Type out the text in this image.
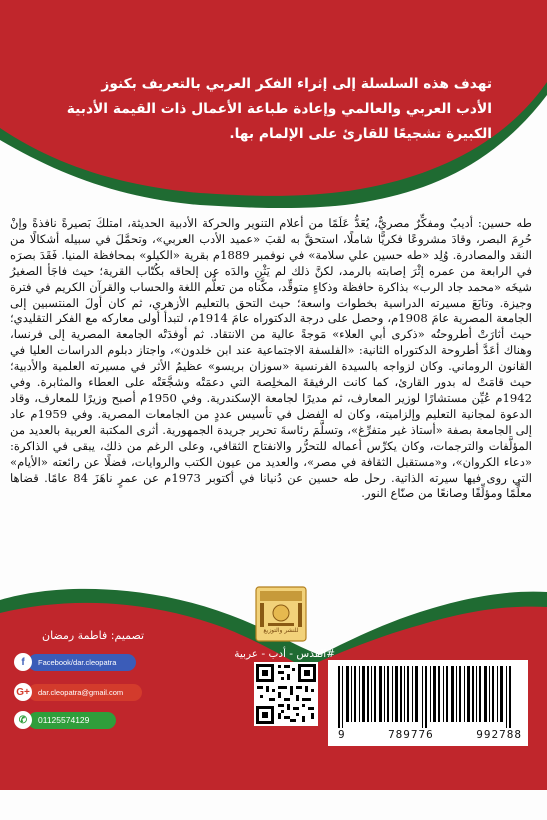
تهدف هذه السلسلة إلى إثراء الفكر العربي بالتعريف بكنوز الأدب العربي والعالمي وإعادة طباعة الأعمال ذات القيمة الأدبية الكبيرة تشجيعًا للقارئ على الإلمام بها.
طه حسين: أديبٌ ومفكِّرٌ مصريٌّ، يُعَدُّ عَلَمًا من أعلام التنوير والحركة الأدبية الحديثة، امتلكَ بَصيرةً نافذةً وإنْ حُرِمَ البصر، وقادَ مشروعًا فكريًّا شاملًا، استحقَّ به لقبَ «عميد الأدب العربي»، وتحمَّلَ في سبيله أشكالًا من النقد والمصادرة. وُلِد «طه حسين علي سلامة» في نوفمبر 1889م بقرية «الكيلو» بمحافظة المنيا. فَقَدَ بصرَه في الرابعة من عمره إثْرَ إصابته بالرمد، لكنَّ ذلك لم يَثْنِ والدَه عن إلحاقه بكُتّاب القرية؛ حيث فاجَأ الصغيرُ شيخَه «محمد جاد الرب» بذاكرة حافظة وذكاءٍ متوقِّد، مكَّناه من تعلُّم اللغة والحساب والقرآن الكريم في فترة وجيزة. وتابَعَ مسيرته الدراسية بخطوات واسعة؛ حيث التحق بالتعليم الأزهري، ثم كان أولَ المنتسبين إلى الجامعة المصرية عامَ 1908م، وحصل على درجة الدكتوراه عامَ 1914م، لتبدأ أولى معاركه مع الفكر التقليدي؛ حيث أثارَتْ أطروحتُه «ذكرى أبي العلاء» مَوجةً عالية من الانتقاد. ثم أوفدَتْه الجامعة المصرية إلى فرنسا، وهناك أعَدَّ أطروحة الدكتوراه الثانية: «الفلسفة الاجتماعية عند ابن خلدون»، واجتاز دبلوم الدراسات العليا في القانون الروماني. وكان لزواجه بالسيدة الفرنسية «سوزان بريسو» عظيمُ الأثر في مسيرته العلمية والأدبية؛ حيث قامَتْ له بدور القارئ، كما كانت الرفيقةَ المخلِصة التي دعمَتْه وشجَّعَتْه على العطاء والمثابرة. وفي 1942م عُيِّن مستشارًا لوزير المعارف، ثم مديرًا لجامعة الإسكندرية. وفي 1950م أصبح وزيرًا للمعارف، وقاد الدعوة لمجانية التعليم وإلزاميته، وكان له الفضل في تأسيس عددٍ من الجامعات المصرية. وفي 1959م عاد إلى الجامعة بصفة «أستاذ غير متفرِّغ»، وتسلَّمَ رئاسةَ تحرير جريدة الجمهورية. أثرى المكتبة العربية بالعديد من المؤلَّفات والترجمات، وكان يكرِّس أعماله للتحرُّر والانفتاح الثقافي، وعلى الرغم من ذلك، يبقى في الذاكرة: «دعاء الكروان»، و«مستقبل الثقافة في مصر»، والعديد من عيون الكتب والروايات، فضلًا عن رائعته «الأيام» التي روى فيها سيرته الذاتية. رحل طه حسين عن دُنيانا في أكتوبر 1973م عن عمرٍ ناهَزَ 84 عامًا. قضاها معلِّمًا ومؤلِّفًا وصانعًا من صنّاع النور.
تصميم: فاطمة رمضان
f	Facebook/dar.cleopatra
G+	dar.cleopatra@gmail.com
✆	01125574129
للنشر والتوزيع
#القدس - أدب - عربية
9	789776	992788
